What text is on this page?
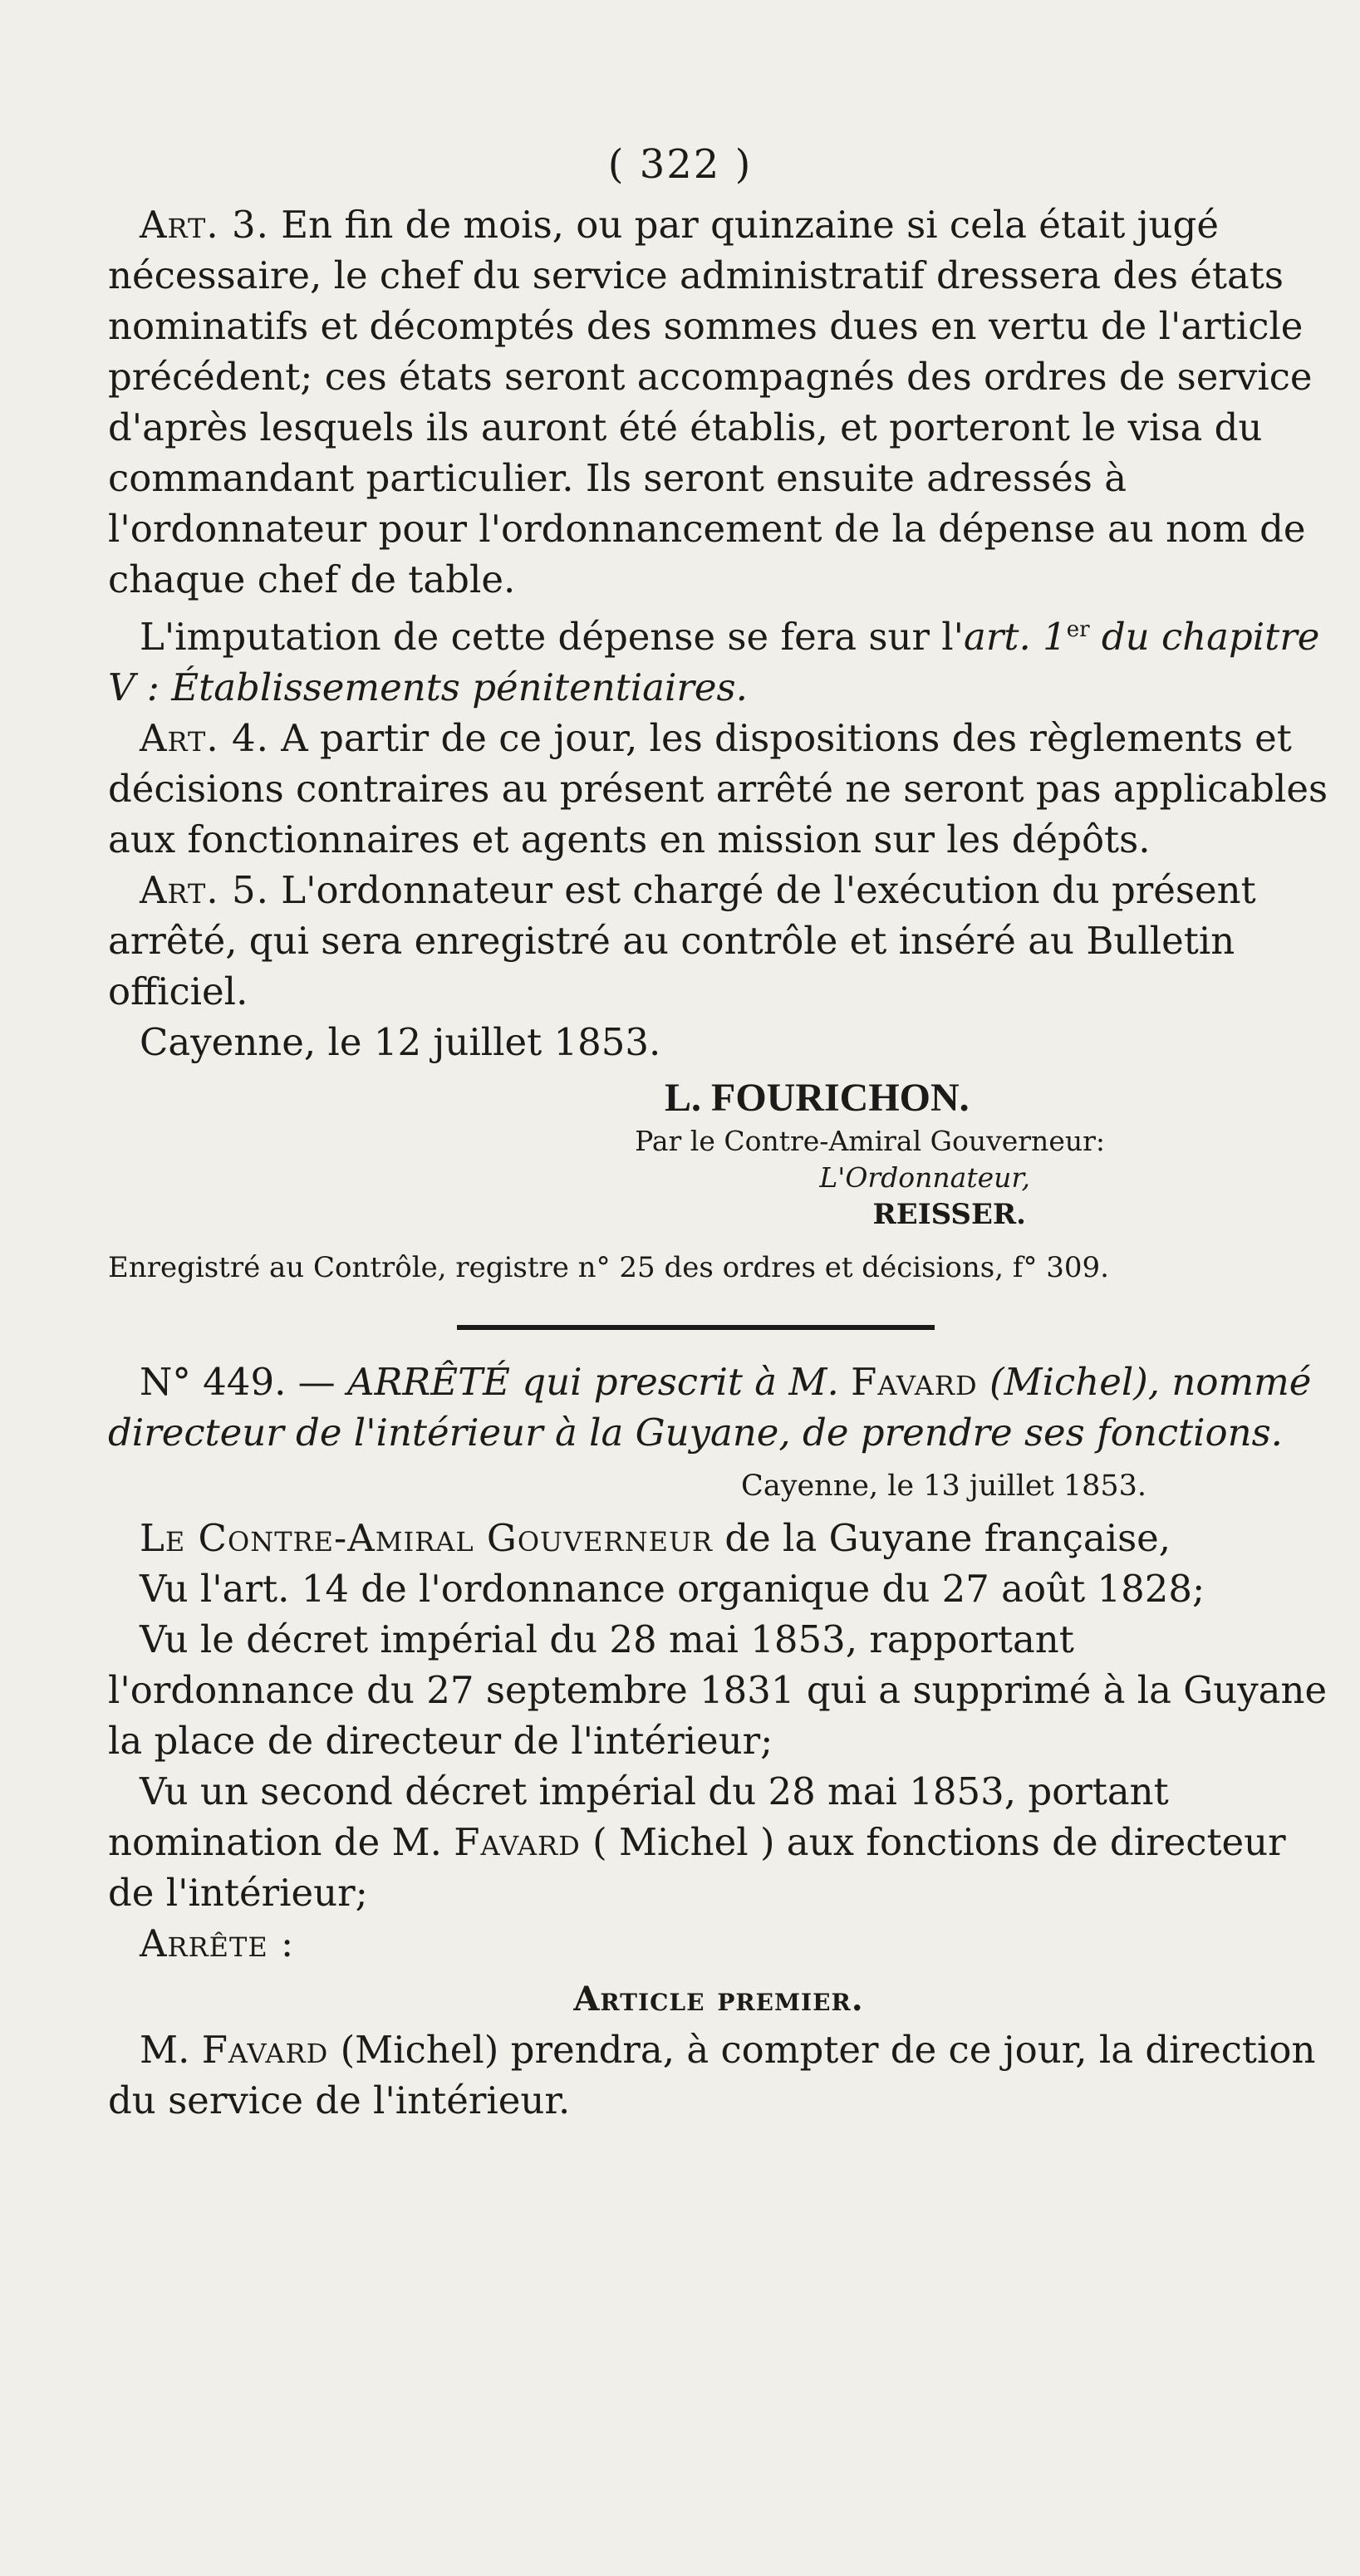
( 322 )

Art. 3. En fin de mois, ou par quinzaine si cela était jugé nécessaire, le chef du service administratif dressera des états nominatifs et décomptés des sommes dues en vertu de l'article précédent; ces états seront accompagnés des ordres de service d'après lesquels ils auront été établis, et porteront le visa du commandant particulier. Ils seront ensuite adressés à l'ordonnateur pour l'ordonnancement de la dépense au nom de chaque chef de table.

L'imputation de cette dépense se fera sur l'art. 1er du chapitre V : Établissements pénitentiaires.

Art. 4. A partir de ce jour, les dispositions des règlements et décisions contraires au présent arrêté ne seront pas applicables aux fonctionnaires et agents en mission sur les dépôts.

Art. 5. L'ordonnateur est chargé de l'exécution du présent arrêté, qui sera enregistré au contrôle et inséré au Bulletin officiel.

Cayenne, le 12 juillet 1853.

L. FOURICHON.

Par le Contre-Amiral Gouverneur:

L'Ordonnateur,

REISSER.

Enregistré au Contrôle, registre n° 25 des ordres et décisions, f° 309.

N° 449. — ARRÊTÉ qui prescrit à M. Favard (Michel), nommé directeur de l'intérieur à la Guyane, de prendre ses fonctions.

Cayenne, le 13 juillet 1853.

Le Contre-Amiral Gouverneur de la Guyane française,

Vu l'art. 14 de l'ordonnance organique du 27 août 1828;

Vu le décret impérial du 28 mai 1853, rapportant l'ordonnance du 27 septembre 1831 qui a supprimé à la Guyane la place de directeur de l'intérieur;

Vu un second décret impérial du 28 mai 1853, portant nomination de M. Favard ( Michel ) aux fonctions de directeur de l'intérieur;

Arrête :

Article premier.

M. Favard (Michel) prendra, à compter de ce jour, la direction du service de l'intérieur.
